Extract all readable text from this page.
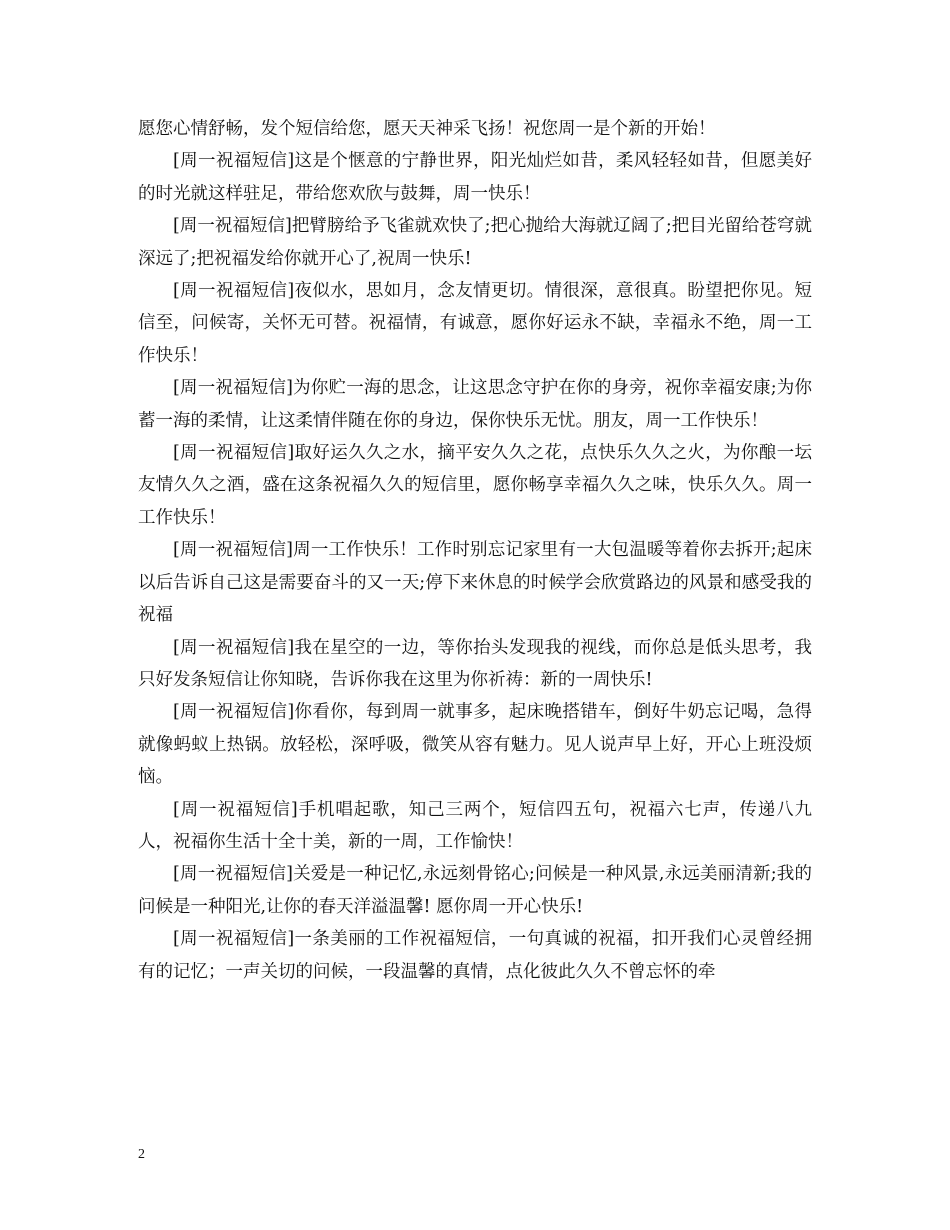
愿您心情舒畅，发个短信给您，愿天天神采飞扬！祝您周一是个新的开始！

[周一祝福短信]这是个惬意的宁静世界，阳光灿烂如昔，柔风轻轻如昔，但愿美好的时光就这样驻足，带给您欢欣与鼓舞，周一快乐！

[周一祝福短信]把臂膀给予飞雀就欢快了;把心抛给大海就辽阔了;把目光留给苍穹就深远了;把祝福发给你就开心了,祝周一快乐!

[周一祝福短信]夜似水，思如月，念友情更切。情很深，意很真。盼望把你见。短信至，问候寄，关怀无可替。祝福情，有诚意，愿你好运永不缺，幸福永不绝，周一工作快乐！

[周一祝福短信]为你贮一海的思念，让这思念守护在你的身旁，祝你幸福安康;为你蓄一海的柔情，让这柔情伴随在你的身边，保你快乐无忧。朋友，周一工作快乐！

[周一祝福短信]取好运久久之水，摘平安久久之花，点快乐久久之火，为你酿一坛友情久久之酒，盛在这条祝福久久的短信里，愿你畅享幸福久久之味，快乐久久。周一工作快乐！

[周一祝福短信]周一工作快乐！工作时别忘记家里有一大包温暖等着你去拆开;起床以后告诉自己这是需要奋斗的又一天;停下来休息的时候学会欣赏路边的风景和感受我的祝福

[周一祝福短信]我在星空的一边，等你抬头发现我的视线，而你总是低头思考，我只好发条短信让你知晓，告诉你我在这里为你祈祷：新的一周快乐!

[周一祝福短信]你看你，每到周一就事多，起床晚搭错车，倒好牛奶忘记喝，急得就像蚂蚁上热锅。放轻松，深呼吸，微笑从容有魅力。见人说声早上好，开心上班没烦恼。

[周一祝福短信]手机唱起歌，知己三两个，短信四五句，祝福六七声，传递八九人，祝福你生活十全十美，新的一周，工作愉快！

[周一祝福短信]关爱是一种记忆,永远刻骨铭心;问候是一种风景,永远美丽清新;我的问候是一种阳光,让你的春天洋溢温馨! 愿你周一开心快乐!

[周一祝福短信]一条美丽的工作祝福短信，一句真诚的祝福，扣开我们心灵曾经拥有的记忆；一声关切的问候，一段温馨的真情，点化彼此久久不曾忘怀的牵

2
